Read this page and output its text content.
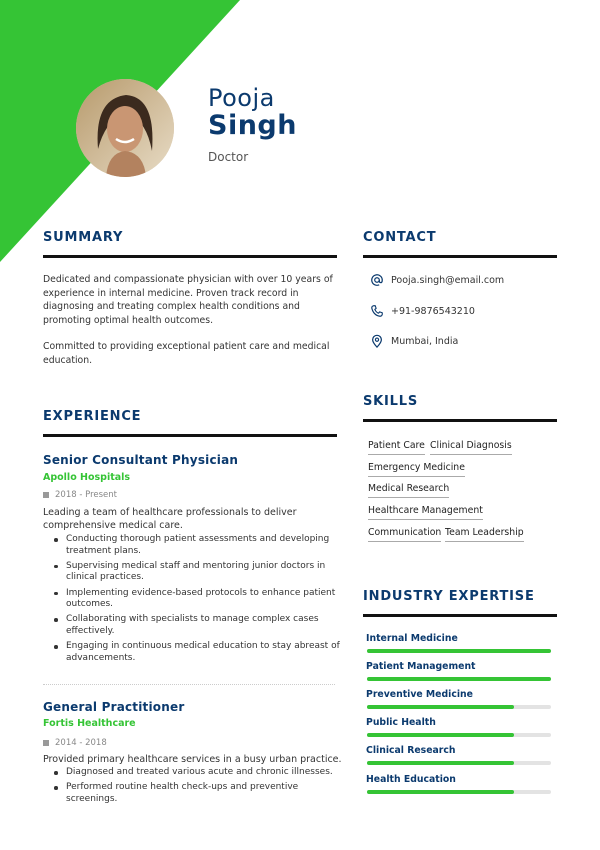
Pooja
Singh
Doctor
SUMMARY
Dedicated and compassionate physician with over 10 years of experience in internal medicine. Proven track record in diagnosing and treating complex health conditions and promoting optimal health outcomes.
Committed to providing exceptional patient care and medical education.
CONTACT
Pooja.singh@email.com
+91-9876543210
Mumbai, India
EXPERIENCE
Senior Consultant Physician
Apollo Hospitals
2018 - Present
Leading a team of healthcare professionals to deliver comprehensive medical care.
Conducting thorough patient assessments and developing treatment plans.
Supervising medical staff and mentoring junior doctors in clinical practices.
Implementing evidence-based protocols to enhance patient outcomes.
Collaborating with specialists to manage complex cases effectively.
Engaging in continuous medical education to stay abreast of advancements.
General Practitioner
Fortis Healthcare
2014 - 2018
Provided primary healthcare services in a busy urban practice.
Diagnosed and treated various acute and chronic illnesses.
Performed routine health check-ups and preventive screenings.
SKILLS
Patient Care Clinical Diagnosis
Emergency Medicine
Medical Research
Healthcare Management
Communication Team Leadership
INDUSTRY EXPERTISE
Internal Medicine
Patient Management
Preventive Medicine
Public Health
Clinical Research
Health Education
